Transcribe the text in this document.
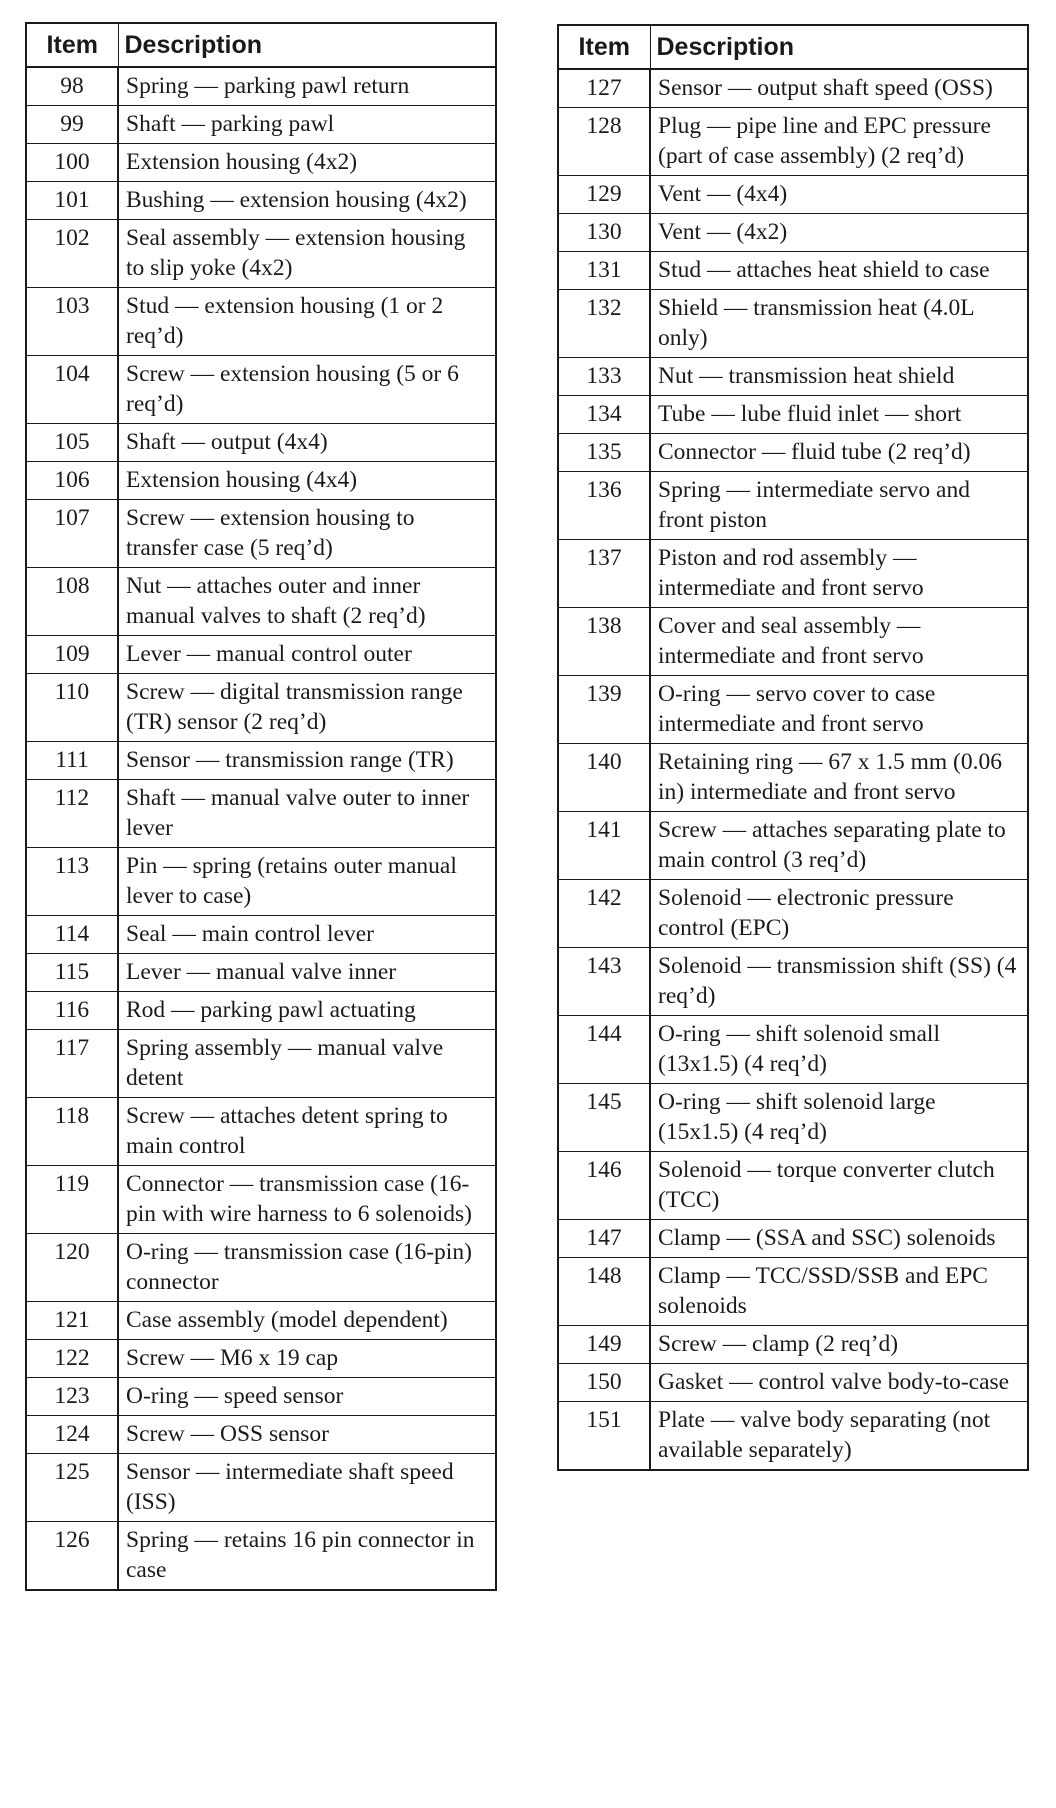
Item	Description
98	Spring — parking pawl return
99	Shaft — parking pawl
100	Extension housing (4x2)
101	Bushing — extension housing (4x2)
102	Seal assembly — extension housing to slip yoke (4x2)
103	Stud — extension housing (1 or 2 req’d)
104	Screw — extension housing (5 or 6 req’d)
105	Shaft — output (4x4)
106	Extension housing (4x4)
107	Screw — extension housing to transfer case (5 req’d)
108	Nut — attaches outer and inner manual valves to shaft (2 req’d)
109	Lever — manual control outer
110	Screw — digital transmission range (TR) sensor (2 req’d)
111	Sensor — transmission range (TR)
112	Shaft — manual valve outer to inner lever
113	Pin — spring (retains outer manual lever to case)
114	Seal — main control lever
115	Lever — manual valve inner
116	Rod — parking pawl actuating
117	Spring assembly — manual valve detent
118	Screw — attaches detent spring to main control
119	Connector — transmission case (16-pin with wire harness to 6 solenoids)
120	O-ring — transmission case (16-pin) connector
121	Case assembly (model dependent)
122	Screw — M6 x 19 cap
123	O-ring — speed sensor
124	Screw — OSS sensor
125	Sensor — intermediate shaft speed (ISS)
126	Spring — retains 16 pin connector in case
Item	Description
127	Sensor — output shaft speed (OSS)
128	Plug — pipe line and EPC pressure (part of case assembly) (2 req’d)
129	Vent — (4x4)
130	Vent — (4x2)
131	Stud — attaches heat shield to case
132	Shield — transmission heat (4.0L only)
133	Nut — transmission heat shield
134	Tube — lube fluid inlet — short
135	Connector — fluid tube (2 req’d)
136	Spring — intermediate servo and front piston
137	Piston and rod assembly — intermediate and front servo
138	Cover and seal assembly — intermediate and front servo
139	O-ring — servo cover to case intermediate and front servo
140	Retaining ring — 67 x 1.5 mm (0.06 in) intermediate and front servo
141	Screw — attaches separating plate to main control (3 req’d)
142	Solenoid — electronic pressure control (EPC)
143	Solenoid — transmission shift (SS) (4 req’d)
144	O-ring — shift solenoid small (13x1.5) (4 req’d)
145	O-ring — shift solenoid large (15x1.5) (4 req’d)
146	Solenoid — torque converter clutch (TCC)
147	Clamp — (SSA and SSC) solenoids
148	Clamp — TCC/SSD/SSB and EPC solenoids
149	Screw — clamp (2 req’d)
150	Gasket — control valve body-to-case
151	Plate — valve body separating (not available separately)
